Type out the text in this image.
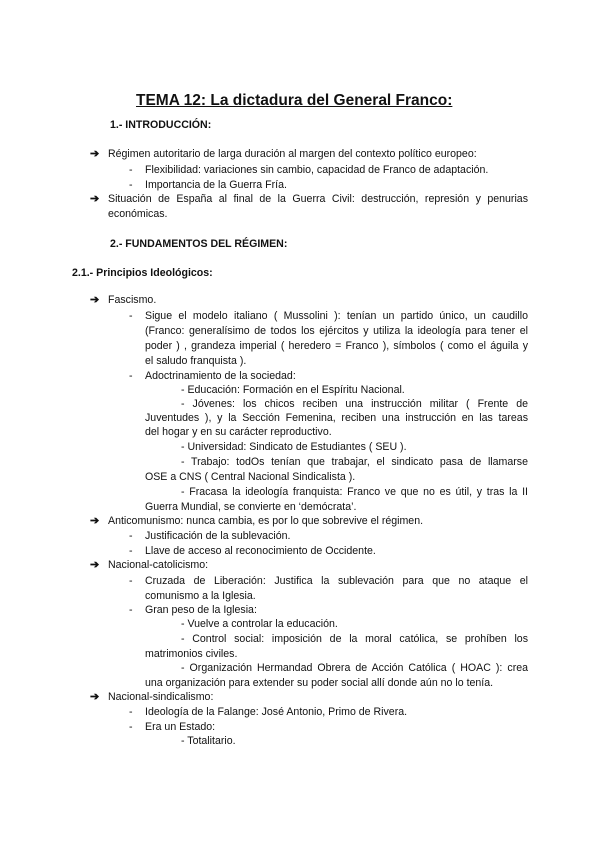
TEMA 12: La dictadura del General Franco:
1.- INTRODUCCIÓN:
➔ Régimen autoritario de larga duración al margen del contexto político europeo:
- Flexibilidad: variaciones sin cambio, capacidad de Franco de adaptación.
- Importancia de la Guerra Fría.
➔ Situación de España al final de la Guerra Civil: destrucción, represión y penurias
económicas.
2.- FUNDAMENTOS DEL RÉGIMEN:
2.1.- Principios Ideológicos:
➔ Fascismo.
- Sigue el modelo italiano ( Mussolini ): tenían un partido único, un caudillo
(Franco: generalísimo de todos los ejércitos y utiliza la ideología para tener el
poder ) , grandeza imperial ( heredero = Franco ), símbolos ( como el águila y
el saludo franquista ).
- Adoctrinamiento de la sociedad:
- Educación: Formación en el Espíritu Nacional.
- Jóvenes: los chicos reciben una instrucción militar ( Frente de
Juventudes ), y la Sección Femenina, reciben una instrucción en las tareas
del hogar y en su carácter reproductivo.
- Universidad: Sindicato de Estudiantes ( SEU ).
- Trabajo: todOs tenían que trabajar, el sindicato pasa de llamarse
OSE a CNS ( Central Nacional Sindicalista ).
- Fracasa la ideología franquista: Franco ve que no es útil, y tras la II
Guerra Mundial, se convierte en ‘demócrata’.
➔ Anticomunismo: nunca cambia, es por lo que sobrevive el régimen.
- Justificación de la sublevación.
- Llave de acceso al reconocimiento de Occidente.
➔ Nacional-catolicismo:
- Cruzada de Liberación: Justifica la sublevación para que no ataque el
comunismo a la Iglesia.
- Gran peso de la Iglesia:
- Vuelve a controlar la educación.
- Control social: imposición de la moral católica, se prohíben los
matrimonios civiles.
- Organización Hermandad Obrera de Acción Católica ( HOAC ): crea
una organización para extender su poder social allí donde aún no lo tenía.
➔ Nacional-sindicalismo:
- Ideología de la Falange: José Antonio, Primo de Rivera.
- Era un Estado:
- Totalitario.
